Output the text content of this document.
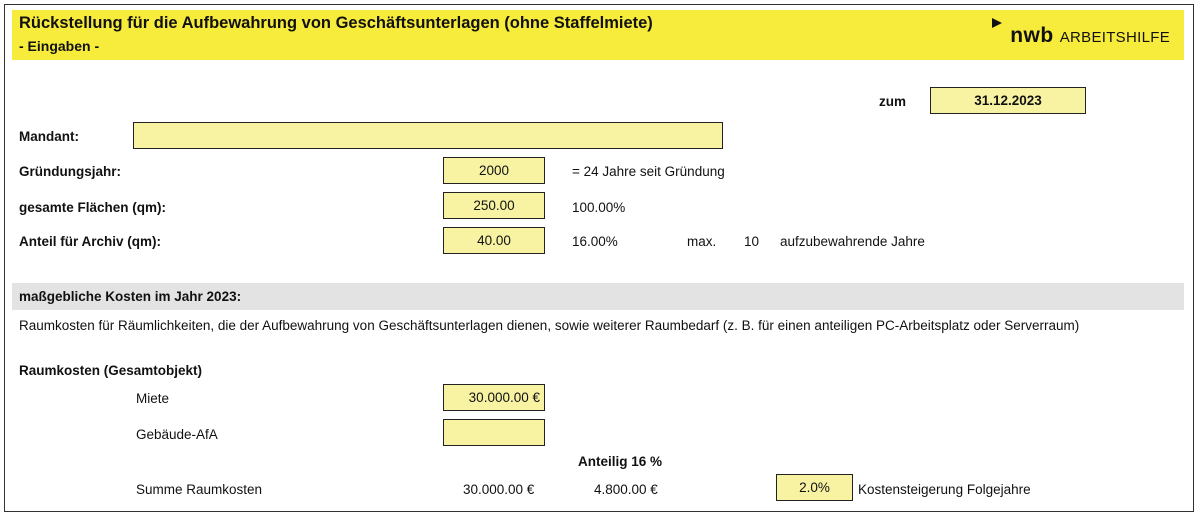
Rückstellung für die Aufbewahrung von Geschäftsunterlagen (ohne Staffelmiete)
- Eingaben -	nwb ARBEITSHILFE
zum	31.12.2023
Mandant:
Gründungsjahr:	2000	= 24 Jahre seit Gründung
gesamte Flächen (qm):	250.00	100.00%
Anteil für Archiv (qm):	40.00	16.00%	max. 10 aufzubewahrende Jahre
maßgebliche Kosten im Jahr 2023:
Raumkosten für Räumlichkeiten, die der Aufbewahrung von Geschäftsunterlagen dienen, sowie weiterer Raumbedarf (z. B. für einen anteiligen PC-Arbeitsplatz oder Serverraum)
Raumkosten (Gesamtobjekt)
Miete	30.000.00 €
Gebäude-AfA
Anteilig 16 %
Summe Raumkosten	30.000.00 €	4.800.00 €	2.0%	Kostensteigerung Folgejahre
